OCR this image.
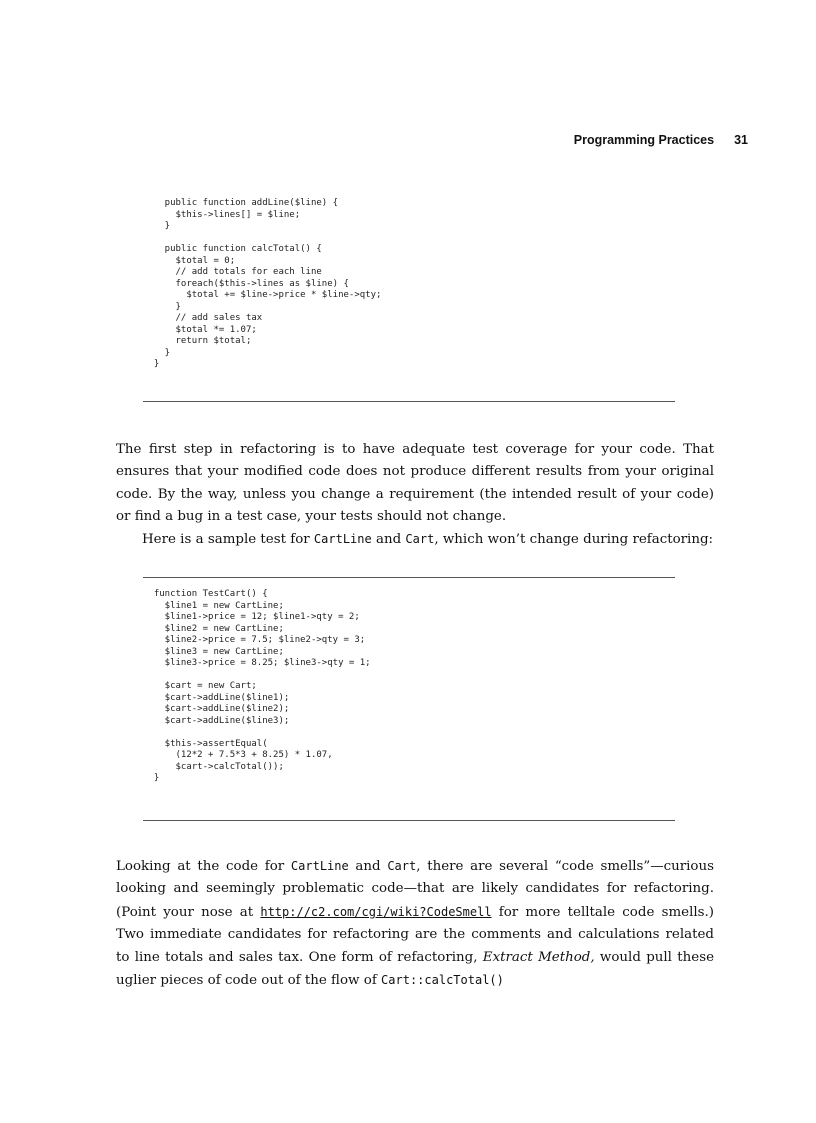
Programming Practices 31
public function addLine($line) {
$this->lines[] = $line;
}

public function calcTotal() {
$total = 0;
// add totals for each line
foreach($this->lines as $line) {
$total += $line->price * $line->qty;
}
// add sales tax
$total *= 1.07;
return $total;
}
}

The first step in refactoring is to have adequate test coverage for your code. That ensures that your modified code does not produce different results from your original code. By the way, unless you change a requirement (the intended result of your code) or find a bug in a test case, your tests should not change.

Here is a sample test for CartLine and Cart, which won’t change during refactoring:

function TestCart() {
$line1 = new CartLine;
$line1->price = 12; $line1->qty = 2;
$line2 = new CartLine;
$line2->price = 7.5; $line2->qty = 3;
$line3 = new CartLine;
$line3->price = 8.25; $line3->qty = 1;

$cart = new Cart;
$cart->addLine($line1);
$cart->addLine($line2);
$cart->addLine($line3);

$this->assertEqual(
(12*2 + 7.5*3 + 8.25) * 1.07,
$cart->calcTotal());
}

Looking at the code for CartLine and Cart, there are several “code smells”—curious looking and seemingly problematic code—that are likely candidates for refactoring. (Point your nose at http://c2.com/cgi/wiki?CodeSmell for more telltale code smells.) Two immediate candidates for refactoring are the comments and calculations related to line totals and sales tax. One form of refactoring, Extract Method, would pull these uglier pieces of code out of the flow of Cart::calcTotal()
